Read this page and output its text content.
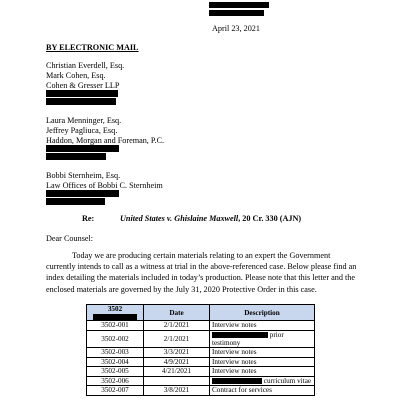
April 23, 2021
BY ELECTRONIC MAIL
Christian Everdell, Esq.
Mark Cohen, Esq.
Cohen & Gresser LLP
Laura Menninger, Esq.
Jeffrey Pagliuca, Esq.
Haddon, Morgan and Foreman, P.C.
Bobbi Sternheim, Esq.
Law Offices of Bobbi C. Sternheim
Re:	United States v. Ghislaine Maxwell, 20 Cr. 330 (AJN)
Dear Counsel:
Today we are producing certain materials relating to an expert the Government currently intends to call as a witness at trial in the above-referenced case. Below please find an index detailing the materials included in today’s production. Please note that this letter and the enclosed materials are governed by the July 31, 2020 Protective Order in this case.
3502	Date	Description
3502-001	2/1/2021	Interview notes
3502-002	2/1/2021	prior testimony
3502-003	3/3/2021	Interview notes
3502-004	4/9/2021	Interview notes
3502-005	4/21/2021	Interview notes
3502-006		curriculum vitae
3502-007	3/8/2021	Contract for services
